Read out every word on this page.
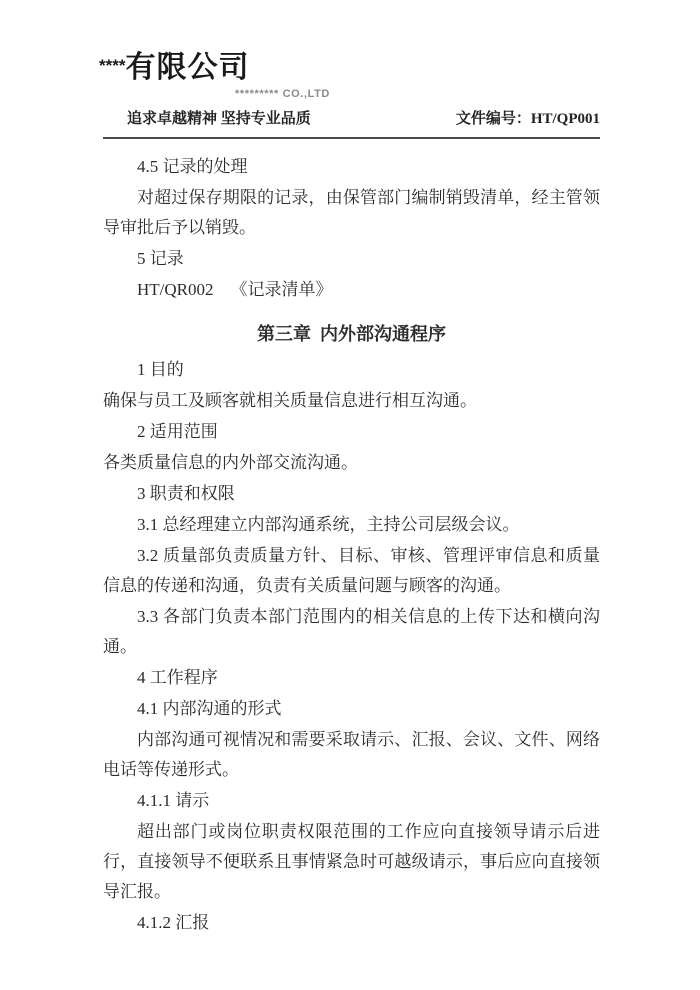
****有限公司
********* CO.,LTD
追求卓越精神 坚持专业品质	文件编号：HT/QP001

4.5 记录的处理

对超过保存期限的记录，由保管部门编制销毁清单，经主管领导审批后予以销毁。

5 记录

HT/QR002    《记录清单》

第三章  内外部沟通程序

1 目的

确保与员工及顾客就相关质量信息进行相互沟通。

2 适用范围

各类质量信息的内外部交流沟通。

3 职责和权限

3.1 总经理建立内部沟通系统，主持公司层级会议。

3.2 质量部负责质量方针、目标、审核、管理评审信息和质量信息的传递和沟通，负责有关质量问题与顾客的沟通。

3.3 各部门负责本部门范围内的相关信息的上传下达和横向沟通。

4 工作程序

4.1 内部沟通的形式

内部沟通可视情况和需要采取请示、汇报、会议、文件、网络电话等传递形式。

4.1.1 请示

超出部门或岗位职责权限范围的工作应向直接领导请示后进行，直接领导不便联系且事情紧急时可越级请示，事后应向直接领导汇报。

4.1.2 汇报
